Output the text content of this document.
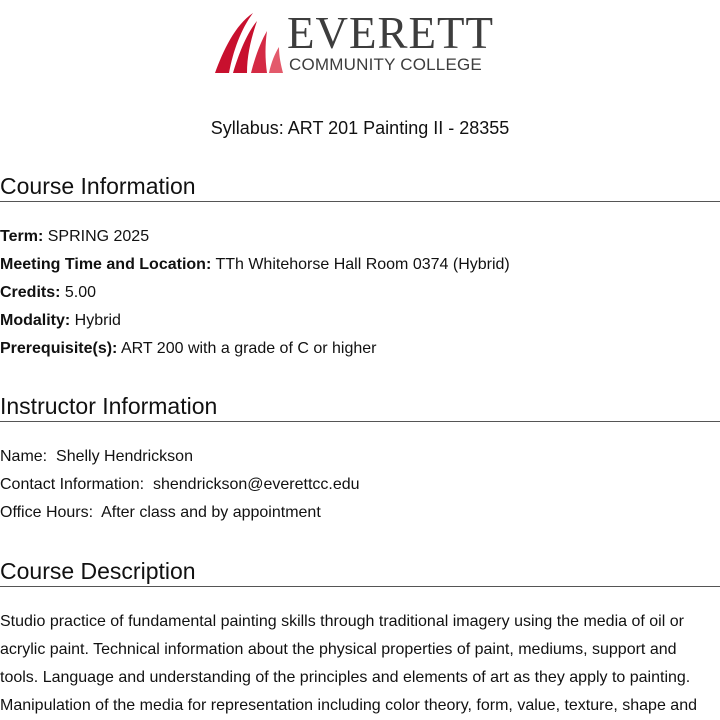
EVERETT
COMMUNITY COLLEGE
Syllabus: ART 201 Painting II - 28355
Course Information
Term: SPRING 2025
Meeting Time and Location: TTh Whitehorse Hall Room 0374 (Hybrid)
Credits: 5.00
Modality: Hybrid
Prerequisite(s): ART 200 with a grade of C or higher
Instructor Information
Name: Shelly Hendrickson
Contact Information: shendrickson@everettcc.edu
Office Hours: After class and by appointment
Course Description

Studio practice of fundamental painting skills through traditional imagery using the media of oil or acrylic paint. Technical information about the physical properties of paint, mediums, support and tools. Language and understanding of the principles and elements of art as they apply to painting. Manipulation of the media for representation including color theory, form, value, texture, shape and
